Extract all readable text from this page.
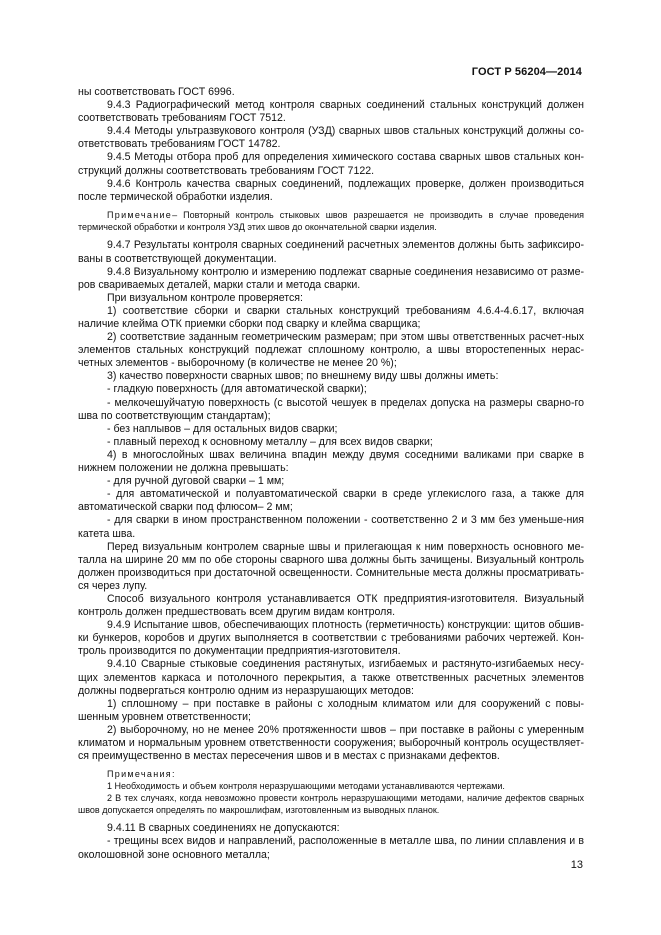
ГОСТ Р 56204—2014

ны соответствовать ГОСТ 6996.

9.4.3 Радиографический метод контроля сварных соединений стальных конструкций должен соответствовать требованиям ГОСТ 7512.

9.4.4 Методы ультразвукового контроля (УЗД) сварных швов стальных конструкций должны со-ответствовать требованиям ГОСТ 14782.

9.4.5 Методы отбора проб для определения химического состава сварных швов стальных кон-струкций должны соответствовать требованиям ГОСТ 7122.

9.4.6 Контроль качества сварных соединений, подлежащих проверке, должен производиться после термической обработки изделия.

Примечание– Повторный контроль стыковых швов разрешается не производить в случае проведения термической обработки и контроля УЗД этих швов до окончательной сварки изделия.

9.4.7 Результаты контроля сварных соединений расчетных элементов должны быть зафиксиро-ваны в соответствующей документации.

9.4.8 Визуальному контролю и измерению подлежат сварные соединения независимо от разме-ров свариваемых деталей, марки стали и метода сварки.

При визуальном контроле проверяется:

1) соответствие сборки и сварки стальных конструкций требованиям 4.6.4-4.6.17, включая наличие клейма ОТК приемки сборки под сварку и клейма сварщика;

2) соответствие заданным геометрическим размерам; при этом швы ответственных расчет-ных элементов стальных конструкций подлежат сплошному контролю, а швы второстепенных нерас-четных элементов - выборочному (в количестве не менее 20 %);

3) качество поверхности сварных швов; по внешнему виду швы должны иметь:

- гладкую поверхность (для автоматической сварки);

- мелкочешуйчатую поверхность (с высотой чешуек в пределах допуска на размеры сварно-го шва по соответствующим стандартам);

- без наплывов – для остальных видов сварки;

- плавный переход к основному металлу – для всех видов сварки;

4) в многослойных швах величина впадин между двумя соседними валиками при сварке в нижнем положении не должна превышать:

- для ручной дуговой сварки – 1 мм;

- для автоматической и полуавтоматической сварки в среде углекислого газа, а также для автоматической сварки под флюсом– 2 мм;

- для сварки в ином пространственном положении - соответственно 2 и 3 мм без уменьше-ния катета шва.

Перед визуальным контролем сварные швы и прилегающая к ним поверхность основного ме-талла на ширине 20 мм по обе стороны сварного шва должны быть зачищены. Визуальный контроль должен производиться при достаточной освещенности. Сомнительные места должны просматривать-ся через лупу.

Способ визуального контроля устанавливается ОТК предприятия-изготовителя. Визуальный контроль должен предшествовать всем другим видам контроля.

9.4.9 Испытание швов, обеспечивающих плотность (герметичность) конструкции: щитов обшив-ки бункеров, коробов и других выполняется в соответствии с требованиями рабочих чертежей. Кон-троль производится по документации предприятия-изготовителя.

9.4.10 Сварные стыковые соединения растянутых, изгибаемых и растянуто-изгибаемых несу-щих элементов каркаса и потолочного перекрытия, а также ответственных расчетных элементов должны подвергаться контролю одним из неразрушающих методов:

1) сплошному – при поставке в районы с холодным климатом или для сооружений с повы-шенным уровнем ответственности;

2) выборочному, но не менее 20% протяженности швов – при поставке в районы с умеренным климатом и нормальным уровнем ответственности сооружения; выборочный контроль осуществляет-ся преимущественно в местах пересечения швов и в местах с признаками дефектов.

Примечания:

1 Необходимость и объем контроля неразрушающими методами устанавливаются чертежами.

2 В тех случаях, когда невозможно провести контроль неразрушающими методами, наличие дефектов сварных швов допускается определять по макрошлифам, изготовленным из выводных планок.

9.4.11 В сварных соединениях не допускаются:

- трещины всех видов и направлений, расположенные в металле шва, по линии сплавления и в околошовной зоне основного металла;

13
